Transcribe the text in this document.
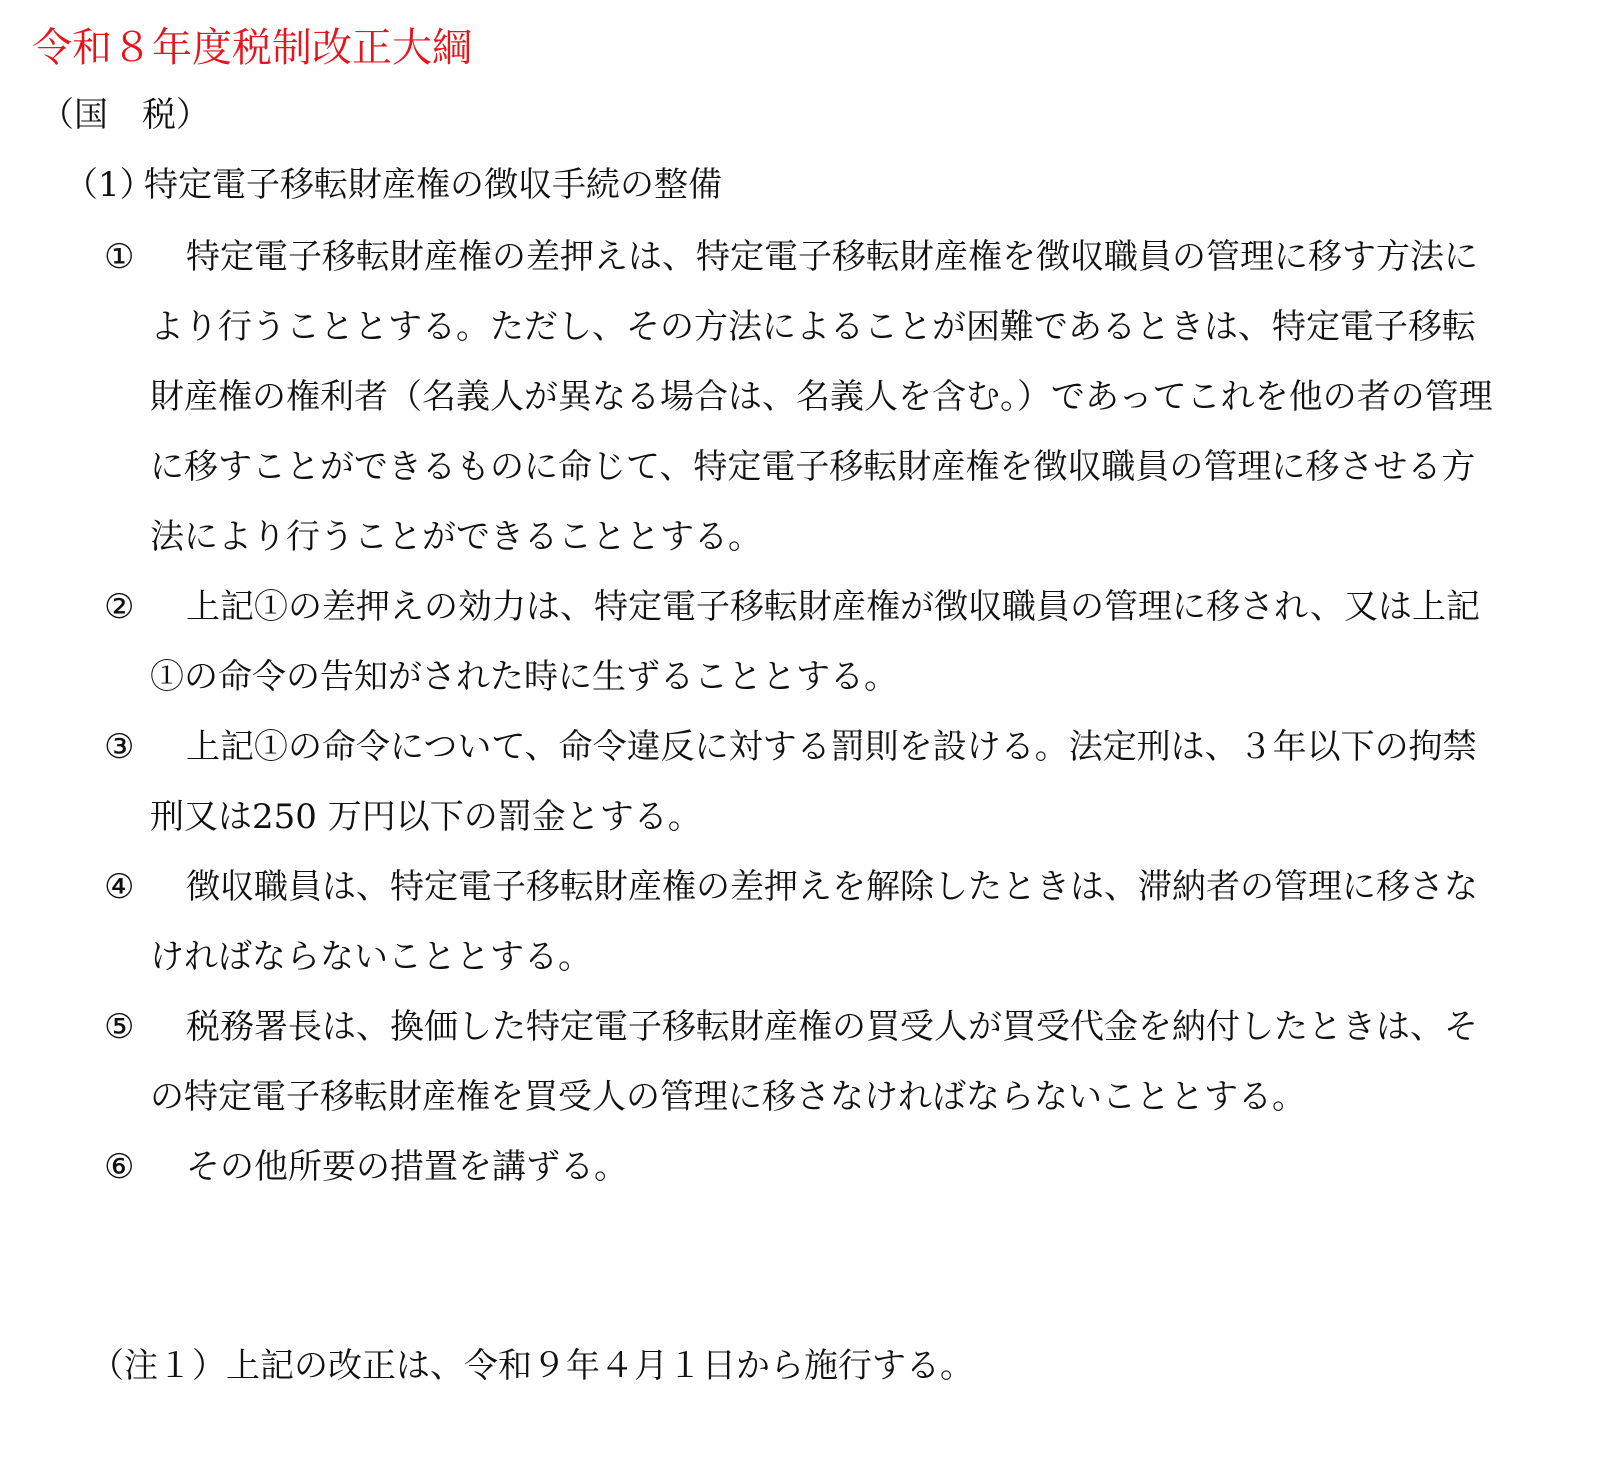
令和８年度税制改正大綱
（国　税）
（1）特定電子移転財産権の徴収手続の整備
①	特定電子移転財産権の差押えは、特定電子移転財産権を徴収職員の管理に移す方法により行うこととする。ただし、その方法によることが困難であるときは、特定電子移転財産権の権利者（名義人が異なる場合は、名義人を含む。）であってこれを他の者の管理に移すことができるものに命じて、特定電子移転財産権を徴収職員の管理に移させる方法により行うことができることとする。
②	上記①の差押えの効力は、特定電子移転財産権が徴収職員の管理に移され、又は上記①の命令の告知がされた時に生ずることとする。
③	上記①の命令について、命令違反に対する罰則を設ける。法定刑は、３年以下の拘禁刑又は250 万円以下の罰金とする。
④	徴収職員は、特定電子移転財産権の差押えを解除したときは、滞納者の管理に移さなければならないこととする。
⑤	税務署長は、換価した特定電子移転財産権の買受人が買受代金を納付したときは、その特定電子移転財産権を買受人の管理に移さなければならないこととする。
⑥	その他所要の措置を講ずる。
（注１）上記の改正は、令和９年４月１日から施行する。
